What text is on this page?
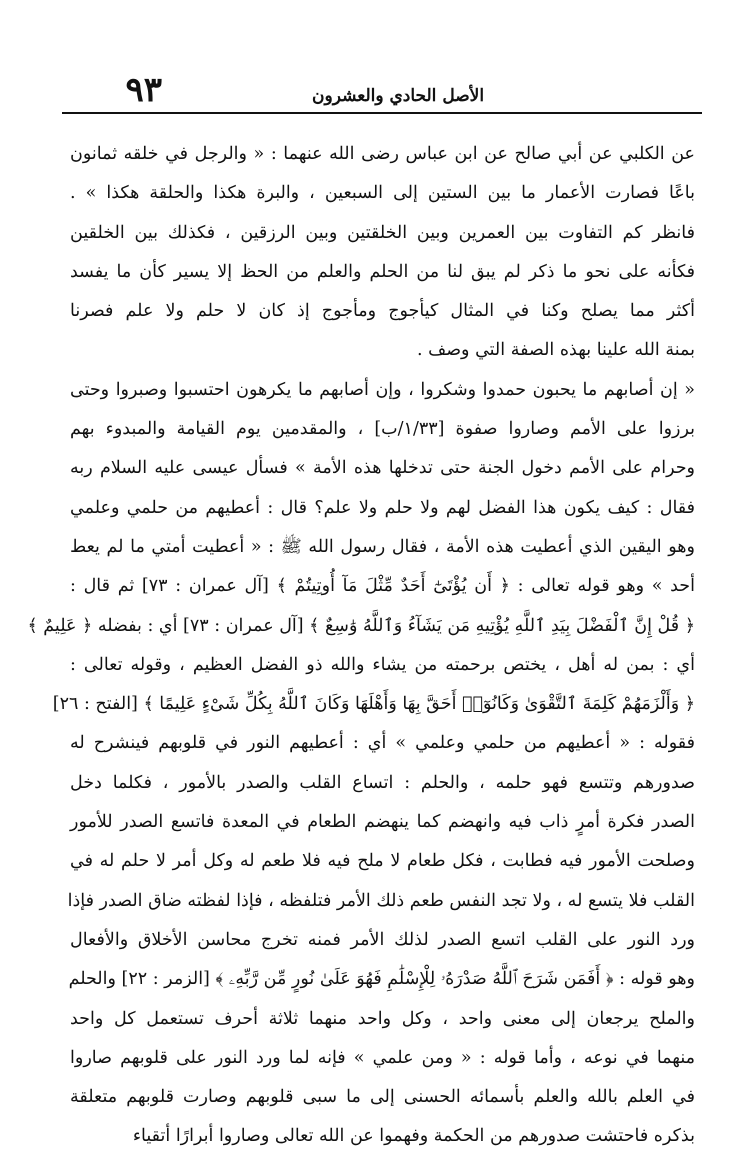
٩٣	الأصل الحادي والعشرون
عن الكلبي عن أبي صالح عن ابن عباس رضى الله عنهما : « والرجل في خلقه ثمانون
باعًا فصارت الأعمار ما بين الستين إلى السبعين ، والبرة هكذا والحلقة هكذا » .
فانظر كم التفاوت بين العمرين وبين الخلقتين وبين الرزقين ، فكذلك بين الخلقين
فكأنه على نحو ما ذكر لم يبق لنا من الحلم والعلم من الحظ إلا يسير كأن ما يفسد
أكثر مما يصلح وكنا في المثال كيأجوج ومأجوج إذ كان لا حلم ولا علم فصرنا
بمنة الله علينا بهذه الصفة التي وصف .
« إن أصابهم ما يحبون حمدوا وشكروا ، وإن أصابهم ما يكرهون احتسبوا وصبروا وحتى
برزوا على الأمم وصاروا صفوة [١/٣٣/ب] ، والمقدمين يوم القيامة والمبدوء بهم
وحرام على الأمم دخول الجنة حتى تدخلها هذه الأمة » فسأل عيسى عليه السلام ربه
فقال : كيف يكون هذا الفضل لهم ولا حلم ولا علم؟ قال : أعطيهم من حلمي وعلمي
وهو اليقين الذي أعطيت هذه الأمة ، فقال رسول الله ﷺ : « أعطيت أمتي ما لم يعط
أحد » وهو قوله تعالى : ﴿ أَن يُؤْتَىٰٓ أَحَدٌ مِّثْلَ مَآ أُوتِيتُمْ ﴾ [آل عمران : ٧٣] ثم قال :
﴿ قُلْ إِنَّ ٱلْفَضْلَ بِيَدِ ٱللَّهِ يُؤْتِيهِ مَن يَشَآءُ وَٱللَّهُ وَٰسِعٌ ﴾ [آل عمران : ٧٣] أي : بفضله ﴿ عَلِيمٌ ﴾
أي : بمن له أهل ، يختص برحمته من يشاء والله ذو الفضل العظيم ، وقوله تعالى :
﴿ وَأَلْزَمَهُمْ كَلِمَةَ ٱلتَّقْوَىٰ وَكَانُوٓا۟ أَحَقَّ بِهَا وَأَهْلَهَا وَكَانَ ٱللَّهُ بِكُلِّ شَىْءٍ عَلِيمًا ﴾ [الفتح : ٢٦]
فقوله : « أعطيهم من حلمي وعلمي » أي : أعطيهم النور في قلوبهم فينشرح له
صدورهم وتتسع فهو حلمه ، والحلم : اتساع القلب والصدر بالأمور ، فكلما دخل
الصدر فكرة أمرٍ ذاب فيه وانهضم كما ينهضم الطعام في المعدة فاتسع الصدر للأمور
وصلحت الأمور فيه فطابت ، فكل طعام لا ملح فيه فلا طعم له وكل أمر لا حلم له في
القلب فلا يتسع له ، ولا تجد النفس طعم ذلك الأمر فتلفظه ، فإذا لفظته ضاق الصدر فإذا
ورد النور على القلب اتسع الصدر لذلك الأمر فمنه تخرج محاسن الأخلاق والأفعال
وهو قوله : ﴿ أَفَمَن شَرَحَ ٱللَّهُ صَدْرَهُۥ لِلْإِسْلَٰمِ فَهُوَ عَلَىٰ نُورٍ مِّن رَّبِّهِۦ ﴾ [الزمر : ٢٢] والحلم
والملح يرجعان إلى معنى واحد ، وكل واحد منهما ثلاثة أحرف تستعمل كل واحد
منهما في نوعه ، وأما قوله : « ومن علمي » فإنه لما ورد النور على قلوبهم صاروا
في العلم بالله والعلم بأسمائه الحسنى إلى ما سبى قلوبهم وصارت قلوبهم متعلقة
بذكره فاحتشت صدورهم من الحكمة وفهموا عن الله تعالى وصاروا أبرارًا أتقياء
